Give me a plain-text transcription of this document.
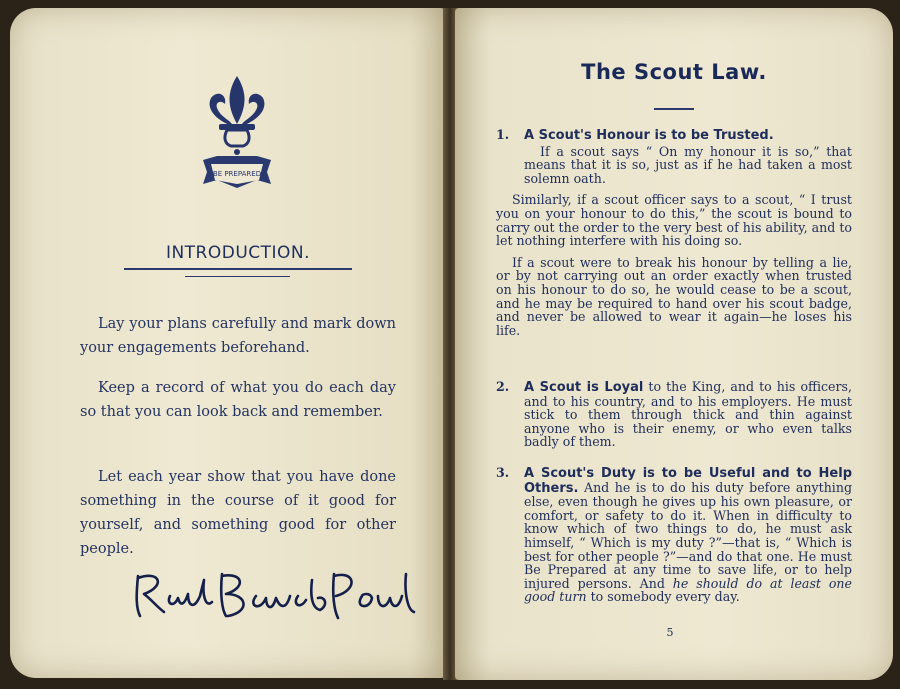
BE PREPARED
INTRODUCTION.
Lay your plans carefully and mark down your engagements beforehand.
Keep a record of what you do each day so that you can look back and remember.
Let each year show that you have done something in the course of it good for yourself, and something good for other people.
Robert Baden-Powell
The Scout Law.
1. A Scout's Honour is to be Trusted.

If a scout says “ On my honour it is so,” that means that it is so, just as if he had taken a most solemn oath.

Similarly, if a scout officer says to a scout, “ I trust you on your honour to do this,” the scout is bound to carry out the order to the very best of his ability, and to let nothing interfere with his doing so.

If a scout were to break his honour by telling a lie, or by not carrying out an order exactly when trusted on his honour to do so, he would cease to be a scout, and he may be required to hand over his scout badge, and never be allowed to wear it again—he loses his life.

2. A Scout is Loyal to the King, and to his officers, and to his country, and to his employers. He must stick to them through thick and thin against anyone who is their enemy, or who even talks badly of them.

3. A Scout's Duty is to be Useful and to Help Others. And he is to do his duty before anything else, even though he gives up his own pleasure, or comfort, or safety to do it. When in difficulty to know which of two things to do, he must ask himself, “ Which is my duty ?”—that is, “ Which is best for other people ?”—and do that one. He must Be Prepared at any time to save life, or to help injured persons. And he should do at least one good turn to somebody every day.

5
